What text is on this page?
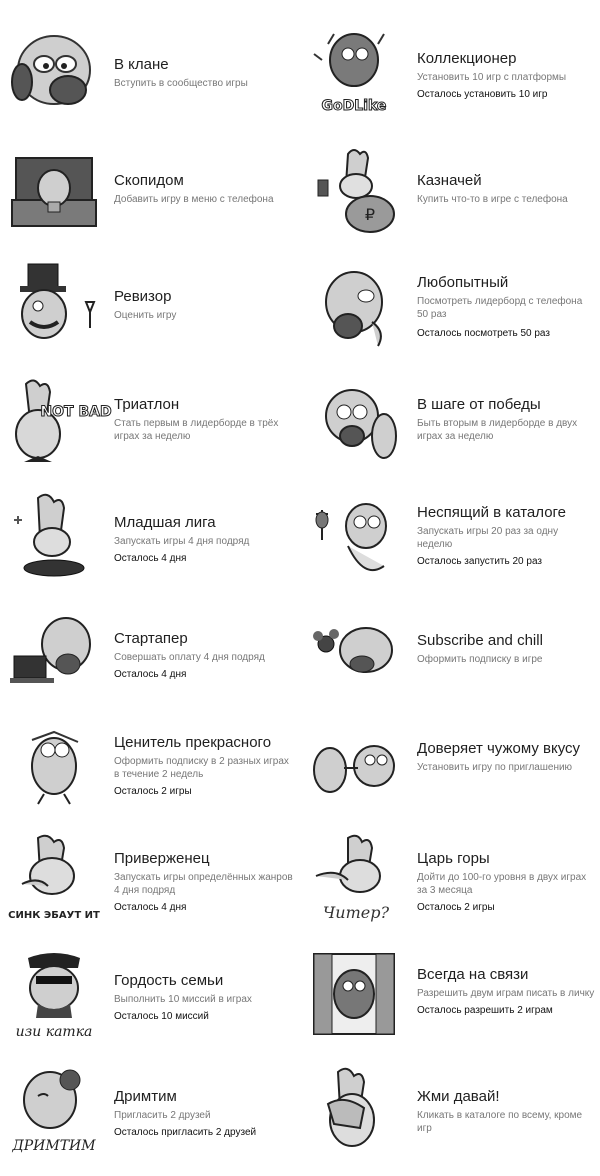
В клане
Вступить в сообщество игры
GoDLike
Коллекционер
Установить 10 игр с платформы
Осталось установить 10 игр
Скопидом
Добавить игру в меню с телефона
₽
Казначей
Купить что-то в игре с телефона
Ревизор
Оценить игру
Любопытный
Посмотреть лидерборд с телефона 50 раз
Осталось посмотреть 50 раз
NOT BAD Триатлон
Стать первым в лидерборде в трёх играх за неделю
В шаге от победы
Быть вторым в лидерборде в двух играх за неделю
Младшая лига
Запускать игры 4 дня подряд
Осталось 4 дня
Неспящий в каталоге
Запускать игры 20 раз за одну неделю
Осталось запустить 20 раз
Стартапер
Совершать оплату 4 дня подряд
Осталось 4 дня
Subscribe and chill
Оформить подписку в игре
Ценитель прекрасного
Оформить подписку в 2 разных играх в течение 2 недель
Осталось 2 игры
Доверяет чужому вкусу
Установить игру по приглашению
СИНК ЭБАУТ ИТ
Приверженец
Запускать игры определённых жанров 4 дня подряд
Осталось 4 дня	Читер?
Царь горы
Дойти до 100-го уровня в двух играх за 3 месяца
Осталось 2 игры
изи катка
Гордость семьи
Выполнить 10 миссий в играх
Осталось 10 миссий
Всегда на связи
Разрешить двум играм писать в личку
Осталось разрешить 2 играм
ДРИМТИМ
Дримтим
Пригласить 2 друзей
Осталось пригласить 2 друзей
Жми давай!
Кликать в каталоге по всему, кроме игр
